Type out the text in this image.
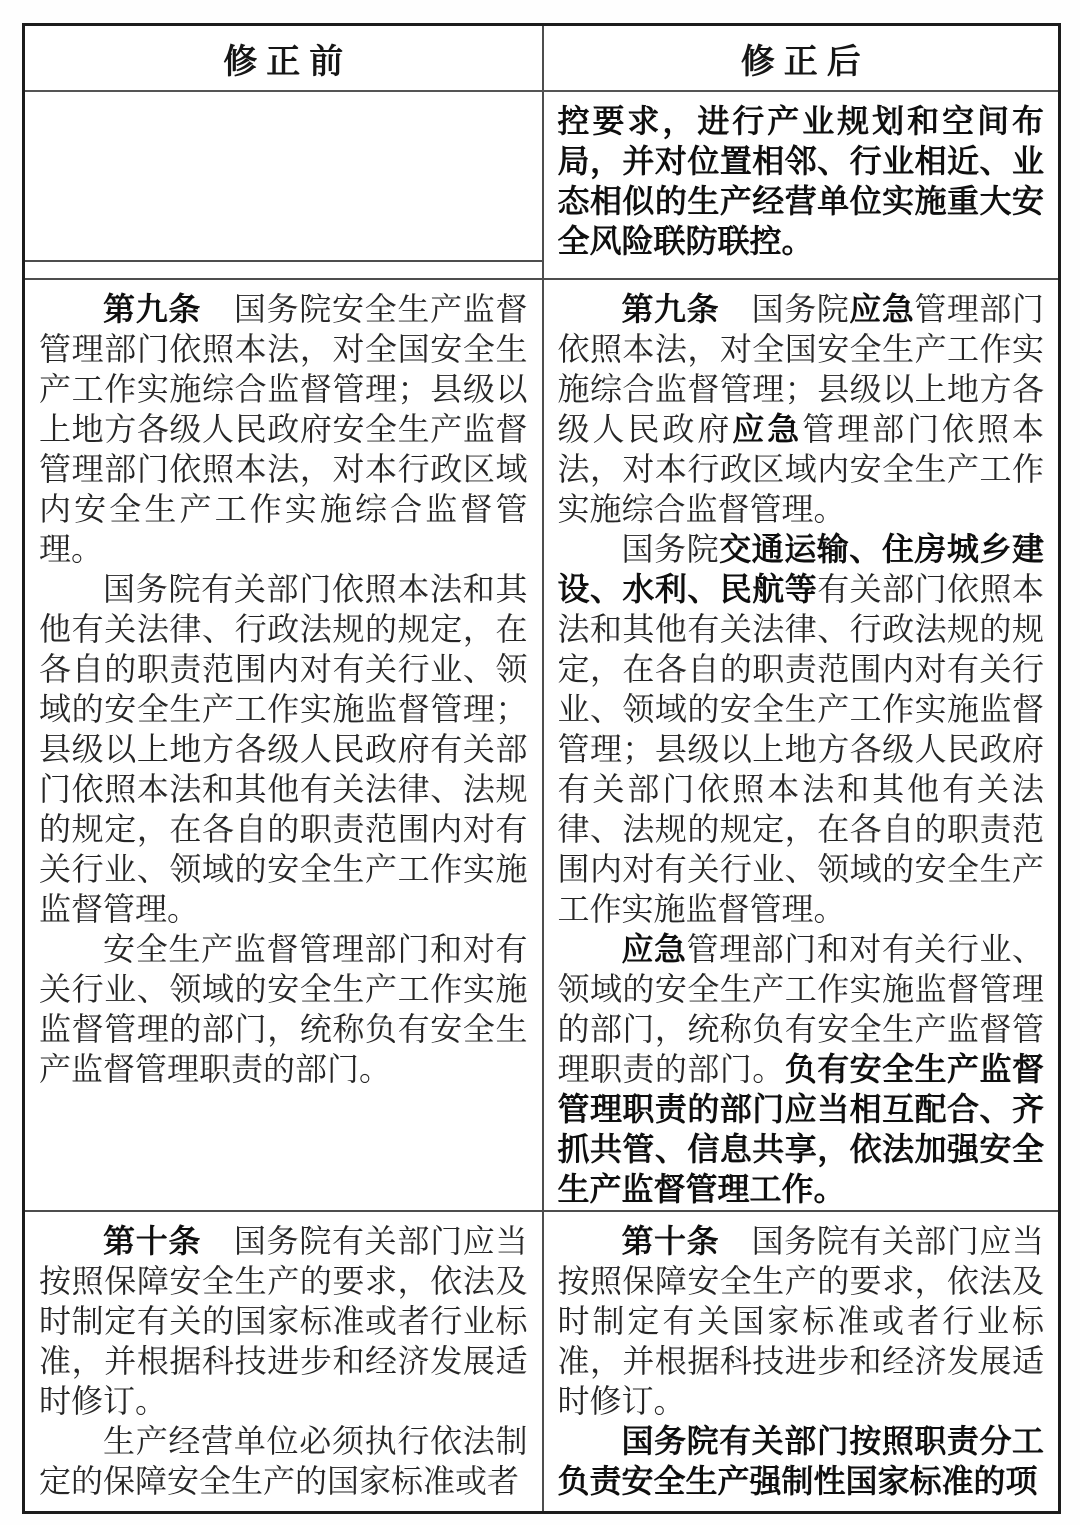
修正前	修正后

控要求，进行产业规划和空间布局，并对位置相邻、行业相近、业态相似的生产经营单位实施重大安全风险联防联控。

第九条　国务院安全生产监督管理部门依照本法，对全国安全生产工作实施综合监督管理；县级以上地方各级人民政府安全生产监督管理部门依照本法，对本行政区域内安全生产工作实施综合监督管理。

国务院有关部门依照本法和其他有关法律、行政法规的规定，在各自的职责范围内对有关行业、领域的安全生产工作实施监督管理；县级以上地方各级人民政府有关部门依照本法和其他有关法律、法规的规定，在各自的职责范围内对有关行业、领域的安全生产工作实施监督管理。

安全生产监督管理部门和对有关行业、领域的安全生产工作实施监督管理的部门，统称负有安全生产监督管理职责的部门。

第九条　国务院应急管理部门依照本法，对全国安全生产工作实施综合监督管理；县级以上地方各级人民政府应急管理部门依照本法，对本行政区域内安全生产工作实施综合监督管理。

国务院交通运输、住房城乡建设、水利、民航等有关部门依照本法和其他有关法律、行政法规的规定，在各自的职责范围内对有关行业、领域的安全生产工作实施监督管理；县级以上地方各级人民政府有关部门依照本法和其他有关法律、法规的规定，在各自的职责范围内对有关行业、领域的安全生产工作实施监督管理。

应急管理部门和对有关行业、领域的安全生产工作实施监督管理的部门，统称负有安全生产监督管理职责的部门。负有安全生产监督管理职责的部门应当相互配合、齐抓共管、信息共享，依法加强安全生产监督管理工作。

第十条　国务院有关部门应当按照保障安全生产的要求，依法及时制定有关的国家标准或者行业标准，并根据科技进步和经济发展适时修订。

生产经营单位必须执行依法制定的保障安全生产的国家标准或者

第十条　国务院有关部门应当按照保障安全生产的要求，依法及时制定有关国家标准或者行业标准，并根据科技进步和经济发展适时修订。

国务院有关部门按照职责分工负责安全生产强制性国家标准的项
